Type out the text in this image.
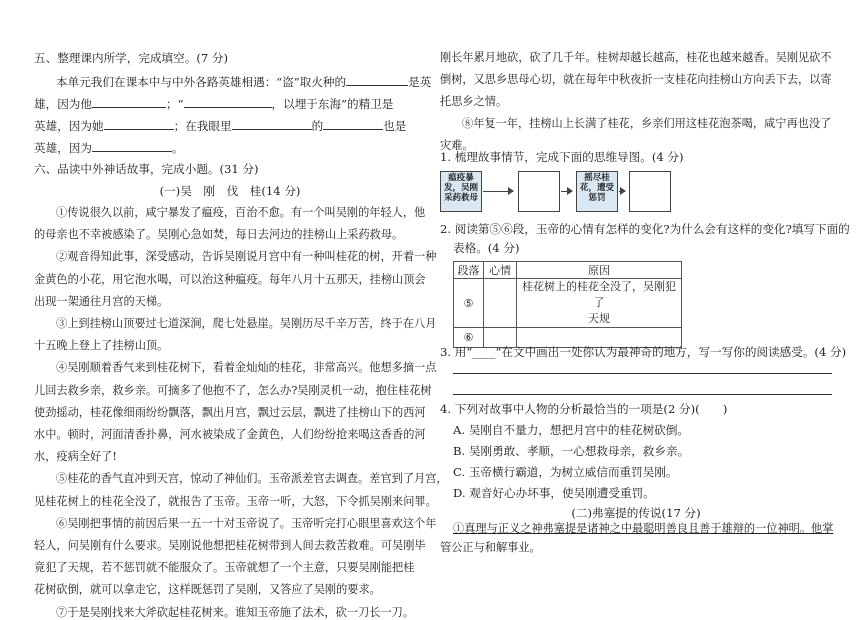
五、整理课内所学，完成填空。(7 分)
本单元我们在课本中与中外各路英雄相遇：“盗”取火种的	是英
雄，因为他	；“	，以埋于东海”的精卫是
英雄，因为她	；在我眼里	的	也是
英雄，因为	。
六、品读中外神话故事，完成小题。(31 分)
(一)吴　刚　伐　桂(14 分)
①传说很久以前，咸宁暴发了瘟疫，百治不愈。有一个叫吴刚的年轻人，他
的母亲也不幸被感染了。吴刚心急如焚，每日去河边的挂榜山上采药救母。
②观音得知此事，深受感动，告诉吴刚说月宫中有一种叫桂花的树，开着一种
金黄色的小花，用它泡水喝，可以治这种瘟疫。每年八月十五那天，挂榜山顶会
出现一架通往月宫的天梯。
③上到挂榜山顶要过七道深涧，爬七处悬崖。吴刚历尽千辛万苦，终于在八月
十五晚上登上了挂榜山顶。
④吴刚顺着香气来到桂花树下，看着金灿灿的桂花，非常高兴。他想多摘一点
儿回去救乡亲，救乡亲。可摘多了他抱不了，怎么办?吴刚灵机一动，抱住桂花树
使劲摇动，桂花像细雨纷纷飘落，飘出月宫，飘过云层，飘进了挂榜山下的西河
水中。顿时，河面清香扑鼻，河水被染成了金黄色，人们纷纷抢来喝这香香的河
水，疫病全好了!
⑤桂花的香气直冲到天宫，惊动了神仙们。玉帝派差官去调查。差官到了月宫，
见桂花树上的桂花全没了，就报告了玉帝。玉帝一听，大怒，下令抓吴刚来问罪。
⑥吴刚把事情的前因后果一五一十对玉帝说了。玉帝听完打心眼里喜欢这个年
轻人，问吴刚有什么要求。吴刚说他想把桂花树带到人间去救苦救难。可吴刚毕
竟犯了天规，若不惩罚就不能服众了。玉帝就想了一个主意，只要吴刚能把桂
花树砍倒，就可以拿走它，这样既惩罚了吴刚，又答应了吴刚的要求。
⑦于是吴刚找来大斧砍起桂花树来。谁知玉帝施了法术，砍一刀长一刀。
刚长年累月地砍，砍了几千年。桂树却越长越高，桂花也越来越香。吴刚见砍不
倒树，又思乡思母心切，就在每年中秋夜折一支桂花向挂榜山方向丢下去，以寄
托思乡之情。
⑧年复一年，挂榜山上长满了桂花，乡亲们用这桂花泡茶喝，咸宁再也没了
灾难。
1. 梳理故事情节，完成下面的思维导图。(4 分)
瘟疫暴发，吴刚采药救母
摇尽桂花，遭受惩罚
2. 阅读第⑤⑥段，玉帝的心情有怎样的变化?为什么会有这样的变化?填写下面的
表格。(4 分)
段落	心情	原因
⑤		桂花树上的桂花全没了，吴刚犯了
天规
⑥		
3. 用“____”在文中画出一处你认为最神奇的地方，写一写你的阅读感受。(4 分)
4. 下列对故事中人物的分析最恰当的一项是(2 分)(　　)
A. 吴刚自不量力，想把月宫中的桂花树砍倒。
B. 吴刚勇敢、孝顺，一心想救母亲，救乡亲。
C. 玉帝横行霸道，为树立威信而重罚吴刚。
D. 观音好心办坏事，使吴刚遭受重罚。
(二)弗塞提的传说(17 分)
①真理与正义之神弗塞提是诸神之中最聪明善良且善于雄辩的一位神明。他掌
管公正与和解事业。
